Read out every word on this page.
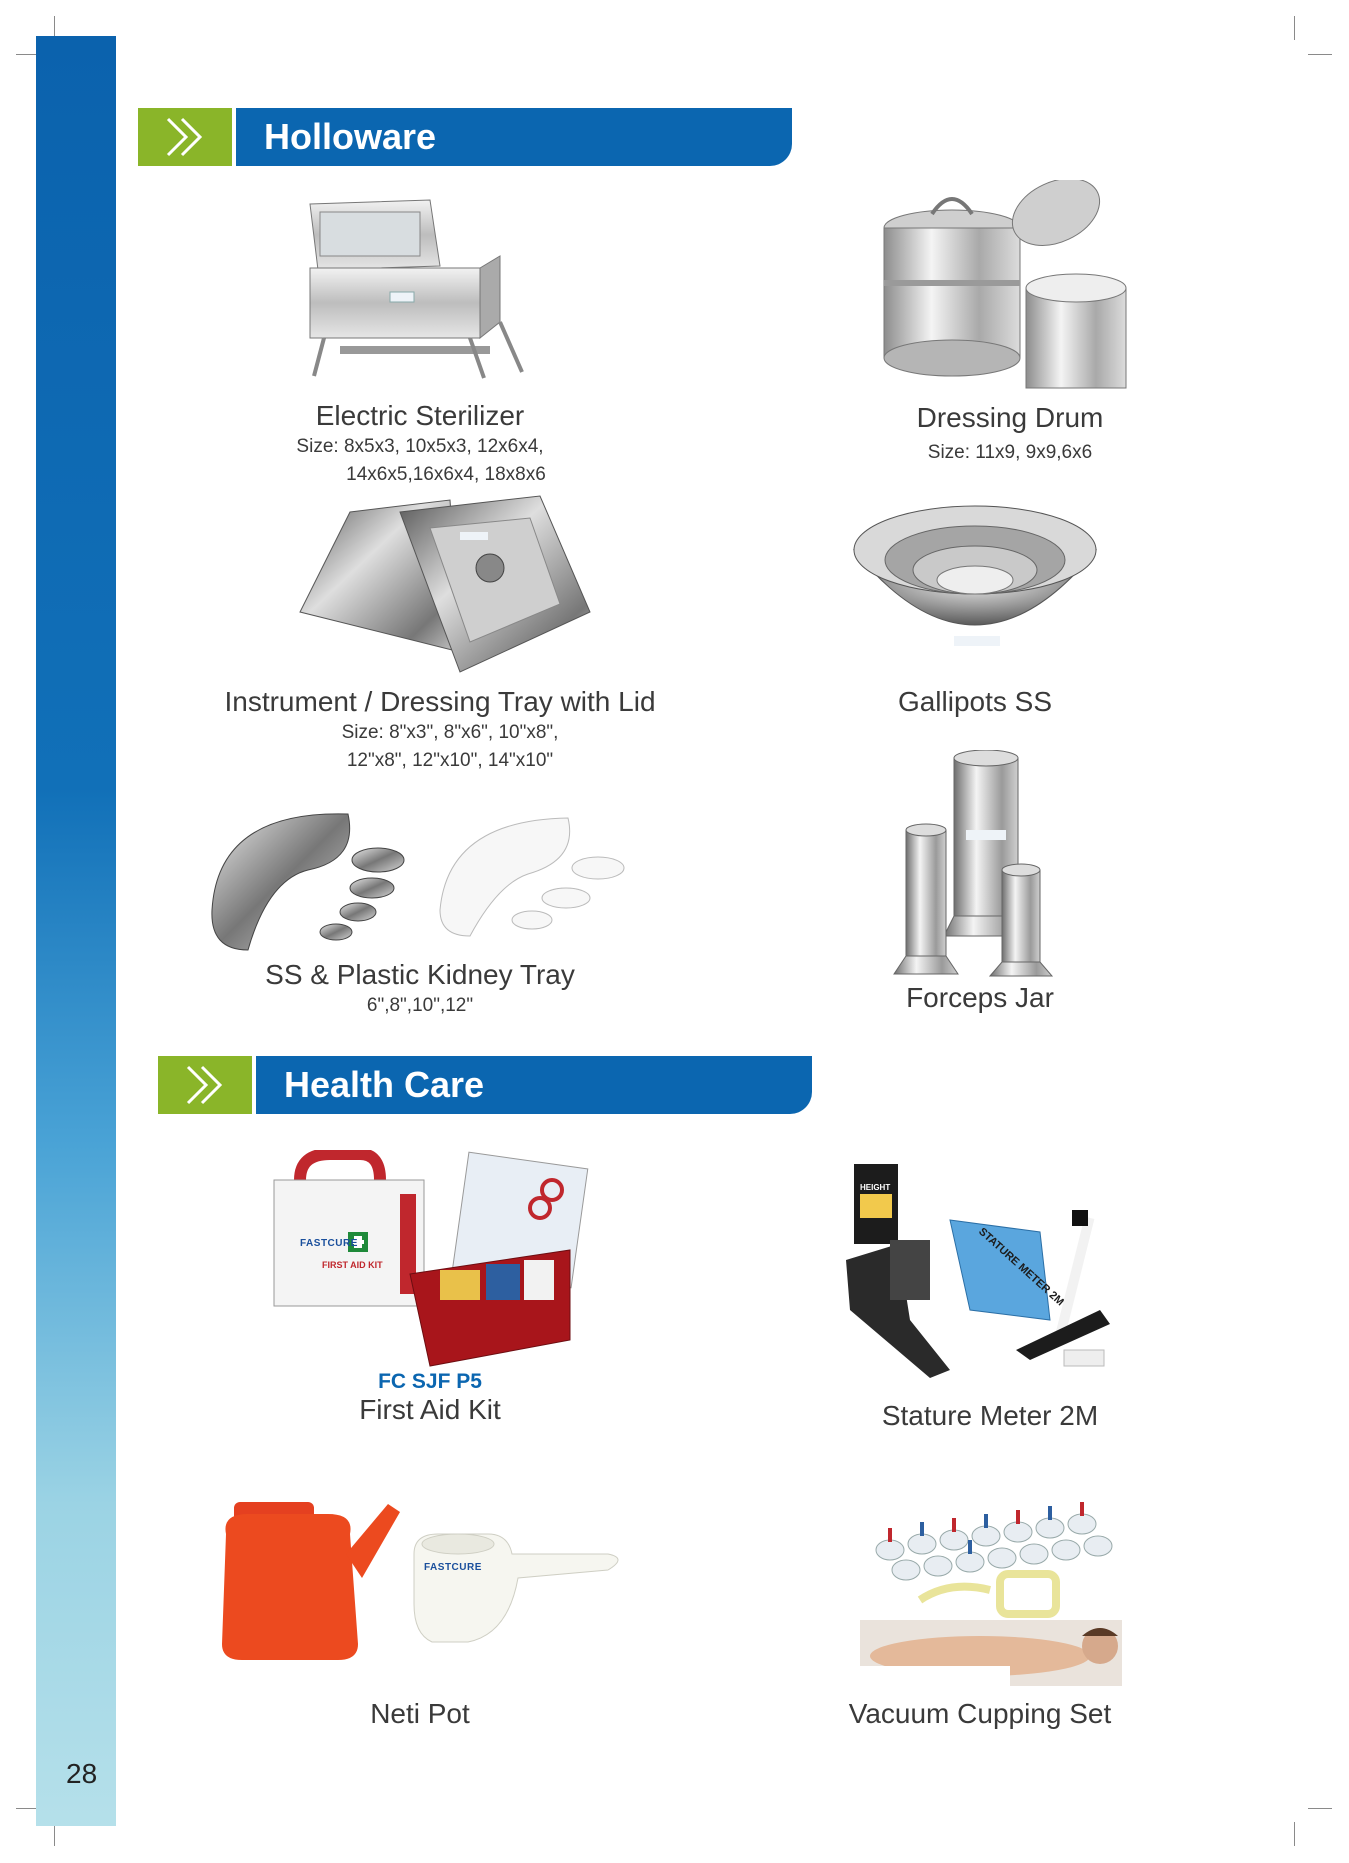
28
Holloware
Electric Sterilizer
Size: 8x5x3, 10x5x3, 12x6x4,
14x6x5,16x6x4, 18x8x6
Dressing Drum
Size: 11x9, 9x9,6x6
Instrument / Dressing Tray with Lid
Size: 8"x3", 8"x6", 10"x8",
12"x8", 12"x10", 14"x10"
Gallipots SS
SS & Plastic Kidney Tray
6",8",10",12"	Forceps Jar
Health Care
FIRST AID KIT
FASTCURE
FC SJF P5
First Aid Kit
HEIGHT
STATURE METER 2M
Stature Meter 2M
FASTCURE
Neti Pot	Vacuum Cupping Set
